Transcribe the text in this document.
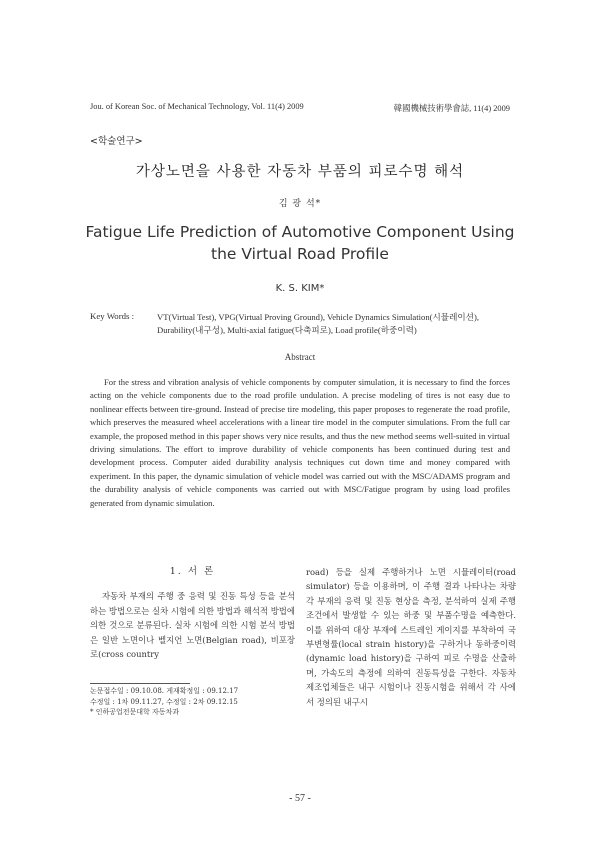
Jou. of Korean Soc. of Mechanical Technology, Vol. 11(4) 2009	韓國機械技術學會誌, 11(4) 2009
<학술연구>
가상노면을 사용한 자동차 부품의 피로수명 해석
김 광 석*
Fatigue Life Prediction of Automotive Component Using the Virtual Road Profile
K. S. KIM*
Key Words :	VT(Virtual Test), VPG(Virtual Proving Ground), Vehicle Dynamics Simulation(시뮬레이션), Durability(내구성), Multi-axial fatigue(다축피로), Load profile(하중이력)
Abstract

For the stress and vibration analysis of vehicle components by computer simulation, it is necessary to find the forces acting on the vehicle components due to the road profile undulation. A precise modeling of tires is not easy due to nonlinear effects between tire-ground. Instead of precise tire modeling, this paper proposes to regenerate the road profile, which preserves the measured wheel accelerations with a linear tire model in the computer simulations. From the full car example, the proposed method in this paper shows very nice results, and thus the new method seems well-suited in virtual driving simulations. The effort to improve durability of vehicle components has been continued during test and development process. Computer aided durability analysis techniques cut down time and money compared with experiment. In this paper, the dynamic simulation of vehicle model was carried out with the MSC/ADAMS program and the durability analysis of vehicle components was carried out with MSC/Fatigue program by using load profiles generated from dynamic simulation.

1. 서 론

자동차 부재의 주행 중 응력 및 진동 특성 등을 분석하는 방법으로는 실차 시험에 의한 방법과 해석적 방법에 의한 것으로 분류된다. 실차 시험에 의한 시험 분석 방법은 일반 노면이나 벨지언 노면(Belgian road), 비포장로(cross country

road) 등을 실제 주행하거나 노면 시뮬레이터(road simulator) 등을 이용하며, 이 주행 결과 나타나는 차량 각 부재의 응력 및 진동 현상을 측정, 분석하여 실제 주행 조건에서 발생할 수 있는 하중 및 부품수명을 예측한다. 이를 위하여 대상 부재에 스트레인 게이지를 부착하여 국부변형률(local strain history)을 구하거나 동하중이력(dynamic load history)을 구하여 피로 수명을 산출하며, 가속도의 측정에 의하여 진동특성을 구한다. 자동차 제조업체들은 내구 시험이나 진동시험을 위해서 각 사에서 정의된 내구시

논문접수일 : 09.10.08. 게재확정일 : 09.12.17
수정일 : 1차 09.11.27, 수정일 : 2차 09.12.15
* 인하공업전문대학 자동차과
- 57 -
